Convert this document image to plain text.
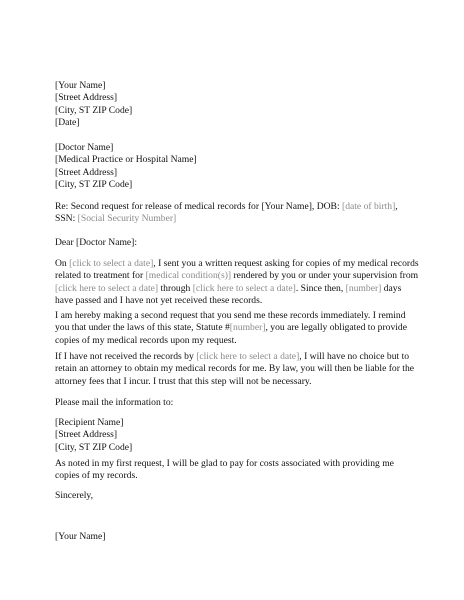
[Your Name]
[Street Address]
[City, ST ZIP Code]
[Date]
[Doctor Name]
[Medical Practice or Hospital Name]
[Street Address]
[City, ST ZIP Code]

Re: Second request for release of medical records for [Your Name], DOB: [date of birth], SSN: [Social Security Number]

Dear [Doctor Name]:

On [click to select a date], I sent you a written request asking for copies of my medical records related to treatment for [medical condition(s)] rendered by you or under your supervision from [click here to select a date] through [click here to select a date]. Since then, [number] days have passed and I have not yet received these records.

I am hereby making a second request that you send me these records immediately. I remind you that under the laws of this state, Statute #[number], you are legally obligated to provide copies of my medical records upon my request.

If I have not received the records by [click here to select a date], I will have no choice but to retain an attorney to obtain my medical records for me. By law, you will then be liable for the attorney fees that I incur. I trust that this step will not be necessary.

Please mail the information to:
[Recipient Name]
[Street Address]
[City, ST ZIP Code]

As noted in my first request, I will be glad to pay for costs associated with providing me copies of my records.

Sincerely,
[Your Name]
